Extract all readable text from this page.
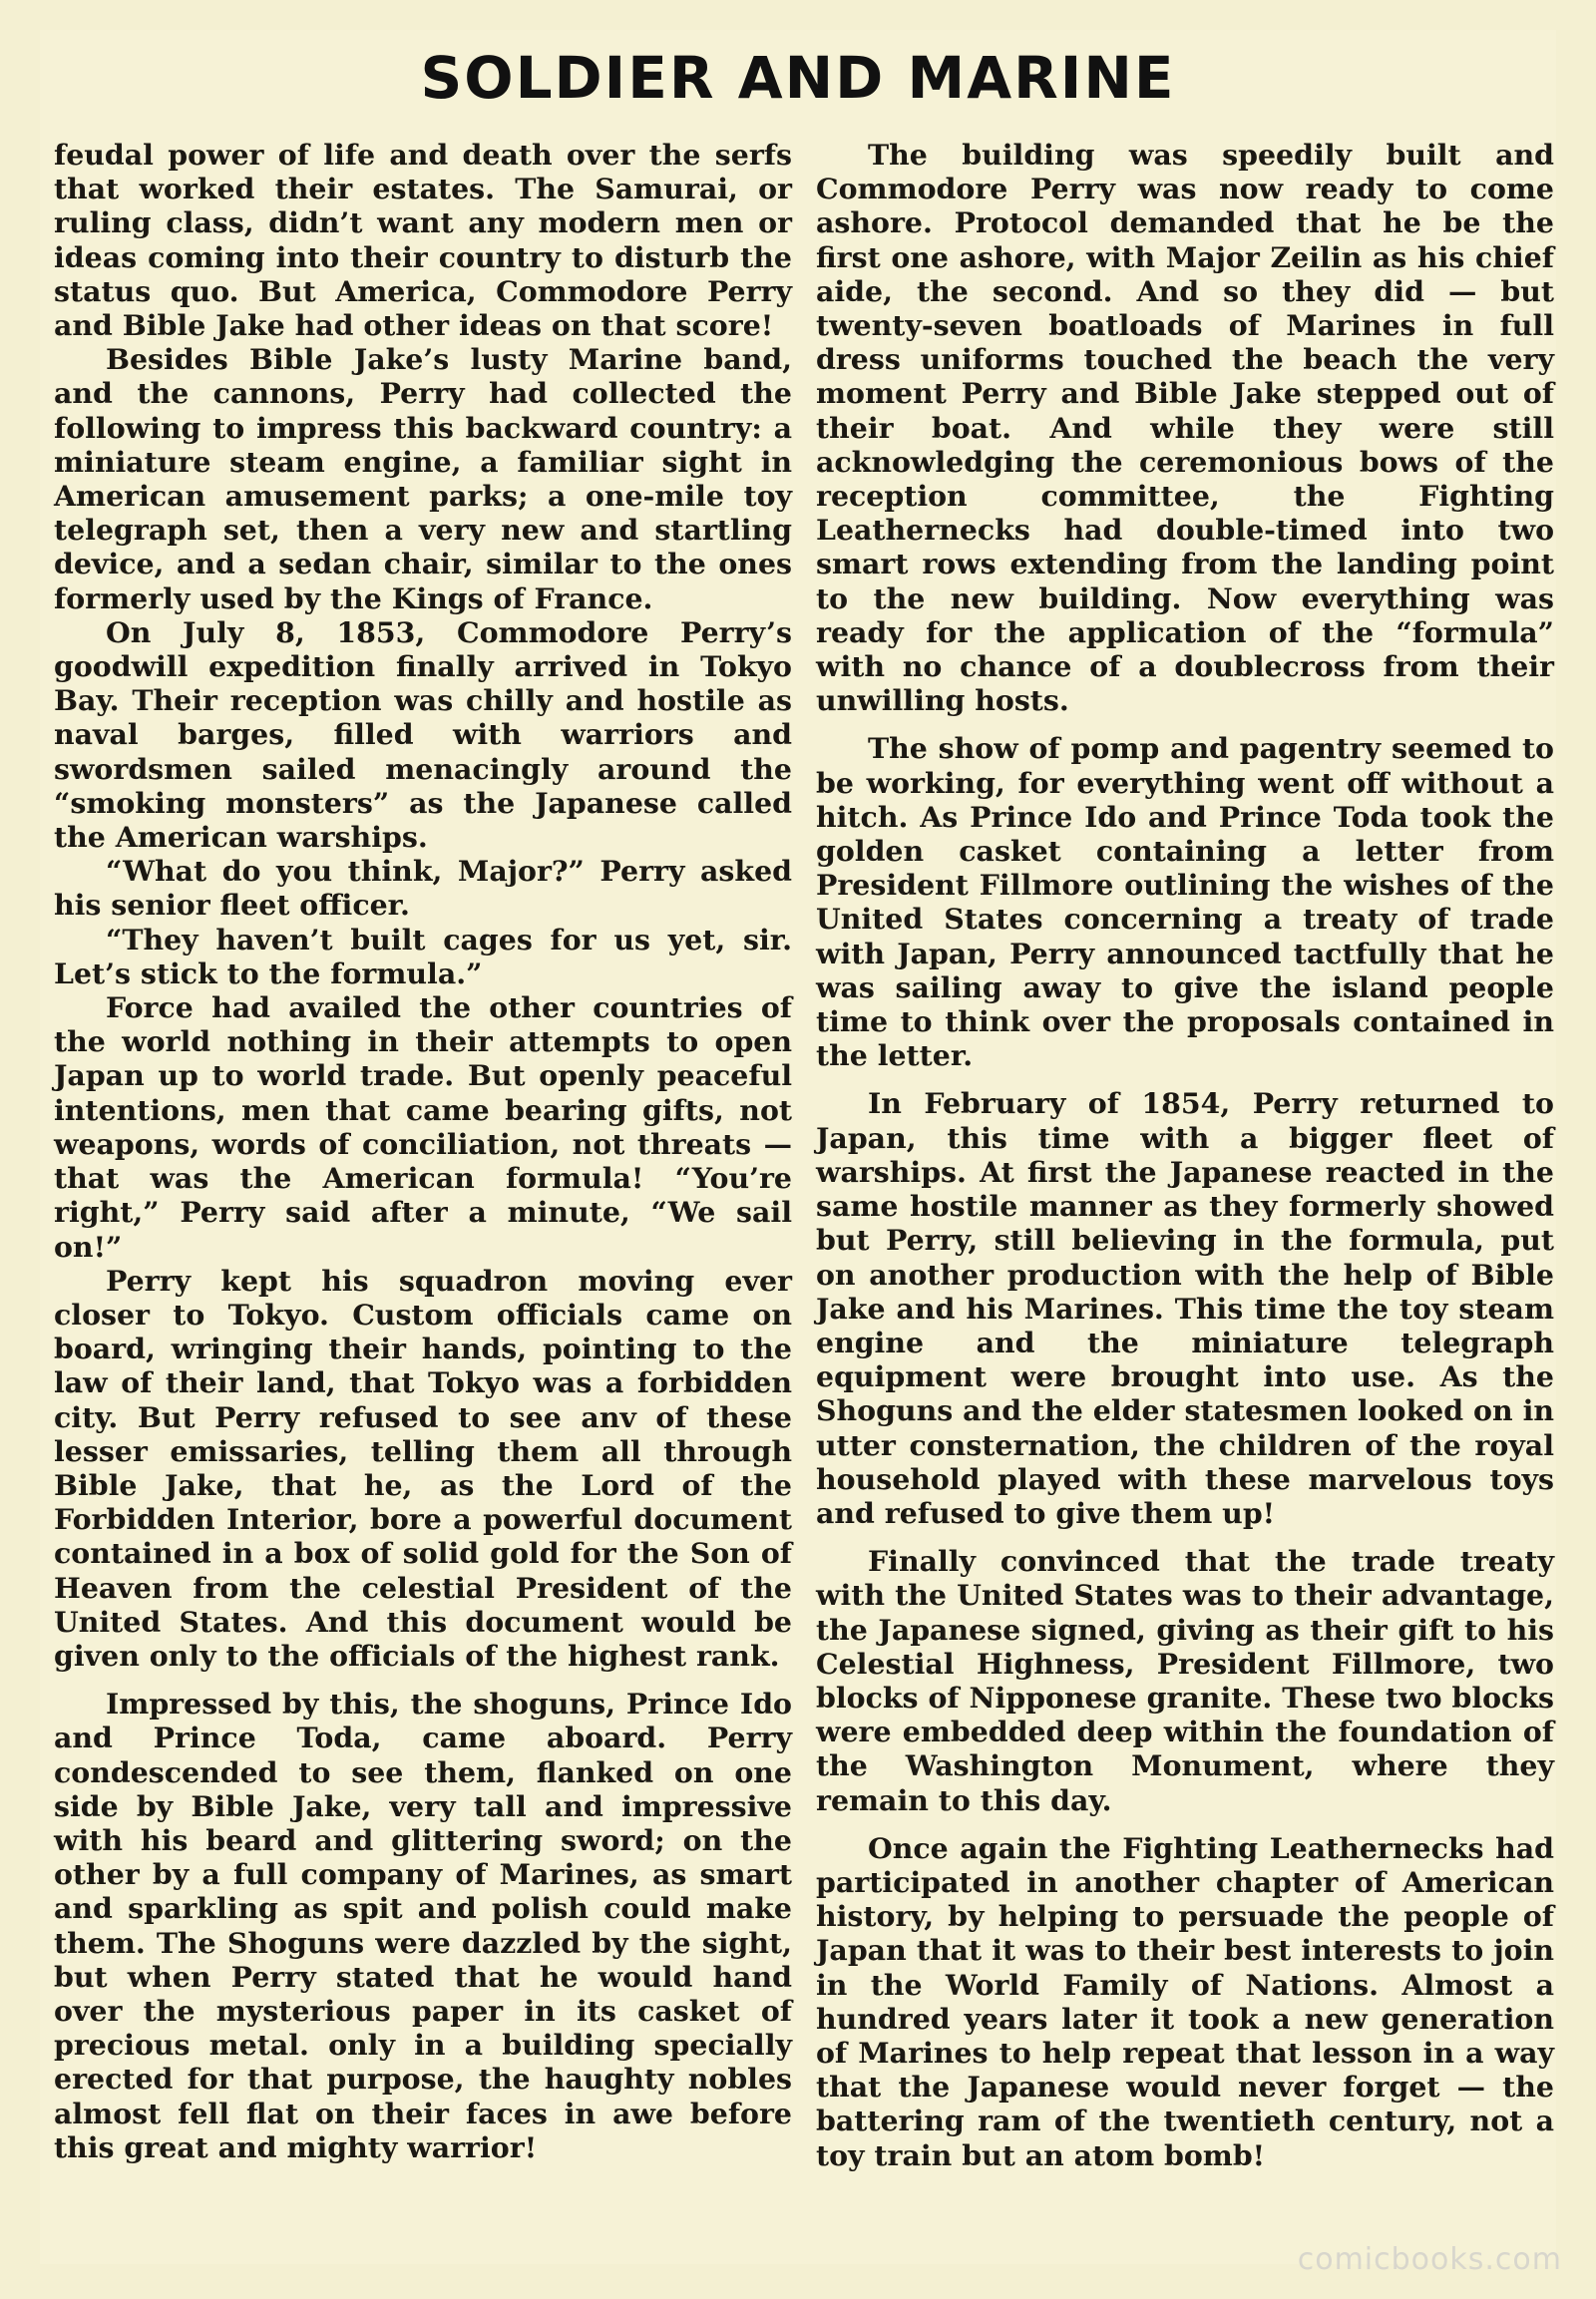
SOLDIER AND MARINE

feudal power of life and death over the serfs that worked their estates. The Samurai, or ruling class, didn’t want any modern men or ideas coming into their country to disturb the status quo. But America, Commodore Perry and Bible Jake had other ideas on that score!

Besides Bible Jake’s lusty Marine band, and the cannons, Perry had collected the following to impress this backward country: a miniature steam engine, a familiar sight in American amusement parks; a one-mile toy telegraph set, then a very new and startling device, and a sedan chair, similar to the ones formerly used by the Kings of France.

On July 8, 1853, Commodore Perry’s goodwill expedition finally arrived in Tokyo Bay. Their reception was chilly and hostile as naval barges, filled with warriors and swordsmen sailed menacingly around the “smoking monsters” as the Japanese called the American warships.

“What do you think, Major?” Perry asked his senior fleet officer.

“They haven’t built cages for us yet, sir. Let’s stick to the formula.”

Force had availed the other countries of the world nothing in their attempts to open Japan up to world trade. But openly peaceful intentions, men that came bearing gifts, not weapons, words of conciliation, not threats — that was the American formula! “You’re right,” Perry said after a minute, “We sail on!”

Perry kept his squadron moving ever closer to Tokyo. Custom officials came on board, wringing their hands, pointing to the law of their land, that Tokyo was a forbidden city. But Perry refused to see anv of these lesser emissaries, telling them all through Bible Jake, that he, as the Lord of the Forbidden Interior, bore a powerful document contained in a box of solid gold for the Son of Heaven from the celestial President of the United States. And this document would be given only to the officials of the highest rank.

Impressed by this, the shoguns, Prince Ido and Prince Toda, came aboard. Perry condescended to see them, flanked on one side by Bible Jake, very tall and impressive with his beard and glittering sword; on the other by a full company of Marines, as smart and sparkling as spit and polish could make them. The Shoguns were dazzled by the sight, but when Perry stated that he would hand over the mysterious paper in its casket of precious metal. only in a building specially erected for that purpose, the haughty nobles almost fell flat on their faces in awe before this great and mighty warrior!

The building was speedily built and Commodore Perry was now ready to come ashore. Protocol demanded that he be the first one ashore, with Major Zeilin as his chief aide, the second. And so they did — but twenty-seven boatloads of Marines in full dress uniforms touched the beach the very moment Perry and Bible Jake stepped out of their boat. And while they were still acknowledging the ceremonious bows of the reception committee, the Fighting Leathernecks had double-timed into two smart rows extending from the landing point to the new building. Now everything was ready for the application of the “formula” with no chance of a doublecross from their unwilling hosts.

The show of pomp and pagentry seemed to be working, for everything went off without a hitch. As Prince Ido and Prince Toda took the golden casket containing a letter from President Fillmore outlining the wishes of the United States concerning a treaty of trade with Japan, Perry announced tactfully that he was sailing away to give the island people time to think over the proposals contained in the letter.

In February of 1854, Perry returned to Japan, this time with a bigger fleet of warships. At first the Japanese reacted in the same hostile manner as they formerly showed but Perry, still believing in the formula, put on another production with the help of Bible Jake and his Marines. This time the toy steam engine and the miniature telegraph equipment were brought into use. As the Shoguns and the elder statesmen looked on in utter consternation, the children of the royal household played with these marvelous toys and refused to give them up!

Finally convinced that the trade treaty with the United States was to their advantage, the Japanese signed, giving as their gift to his Celestial Highness, President Fillmore, two blocks of Nipponese granite. These two blocks were embedded deep within the foundation of the Washington Monument, where they remain to this day.

Once again the Fighting Leathernecks had participated in another chapter of American history, by helping to persuade the people of Japan that it was to their best interests to join in the World Family of Nations. Almost a hundred years later it took a new generation of Marines to help repeat that lesson in a way that the Japanese would never forget — the battering ram of the twentieth century, not a toy train but an atom bomb!

comicbooks.com
